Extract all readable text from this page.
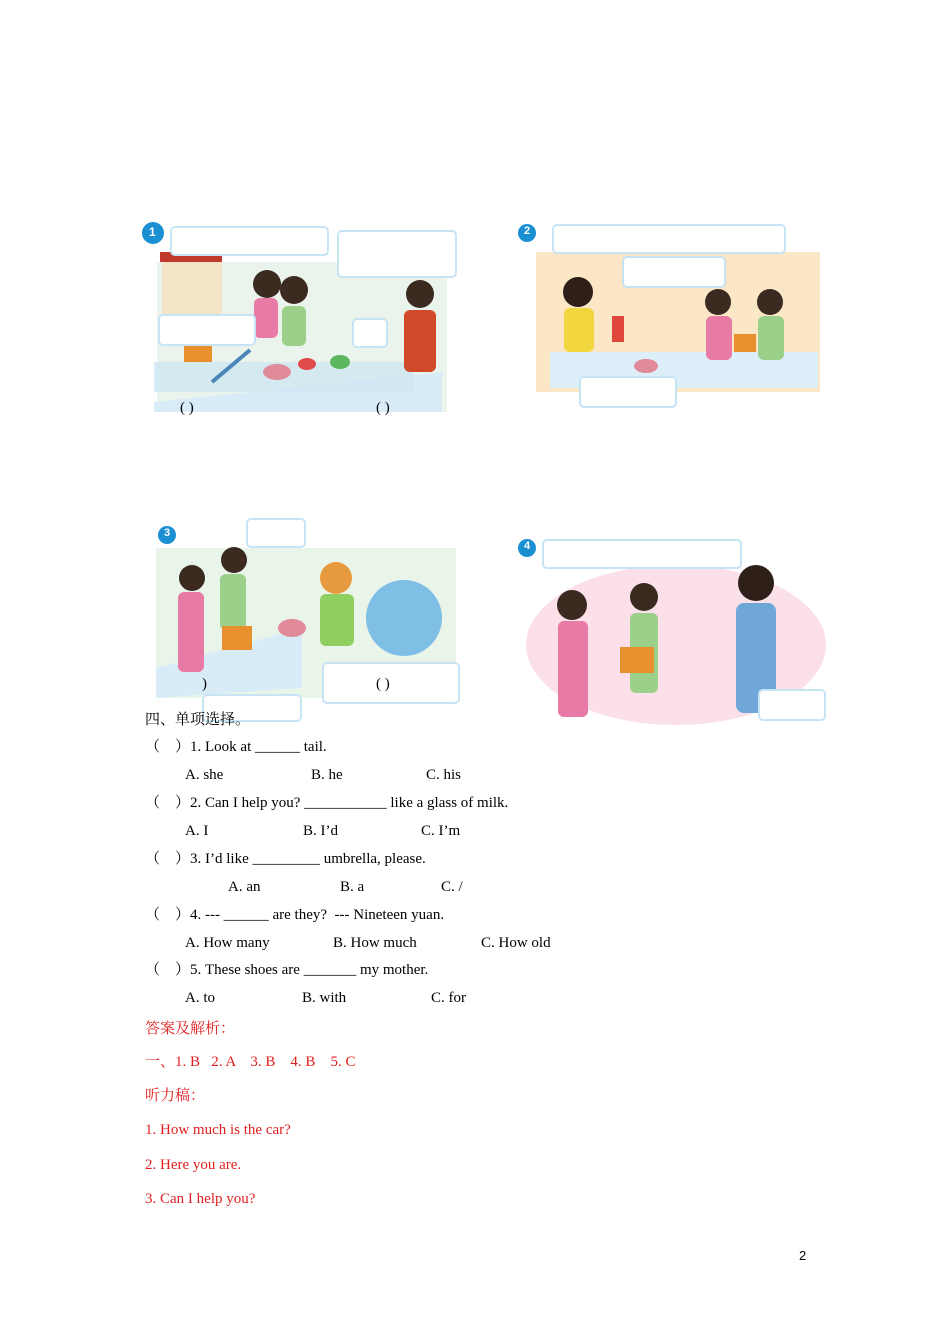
1
( )	( )
2
3
)	( )
4
四、单项选择。
（    ）1. Look at ______ tail.
A. she	B. he	C. his
（    ）2. Can I help you? ___________ like a glass of milk.
A. I	B. I’d	C. I’m
（    ）3. I’d like _________ umbrella, please.
A. an	B. a	C. /
（    ）4. --- ______ are they?  --- Nineteen yuan.
A. How many	B. How much	C. How old
（    ）5. These shoes are _______ my mother.
A. to	B. with	C. for
答案及解析：
一、1. B   2. A    3. B    4. B    5. C
听力稿：
1. How much is the car?
2. Here you are.
3. Can I help you?
2
